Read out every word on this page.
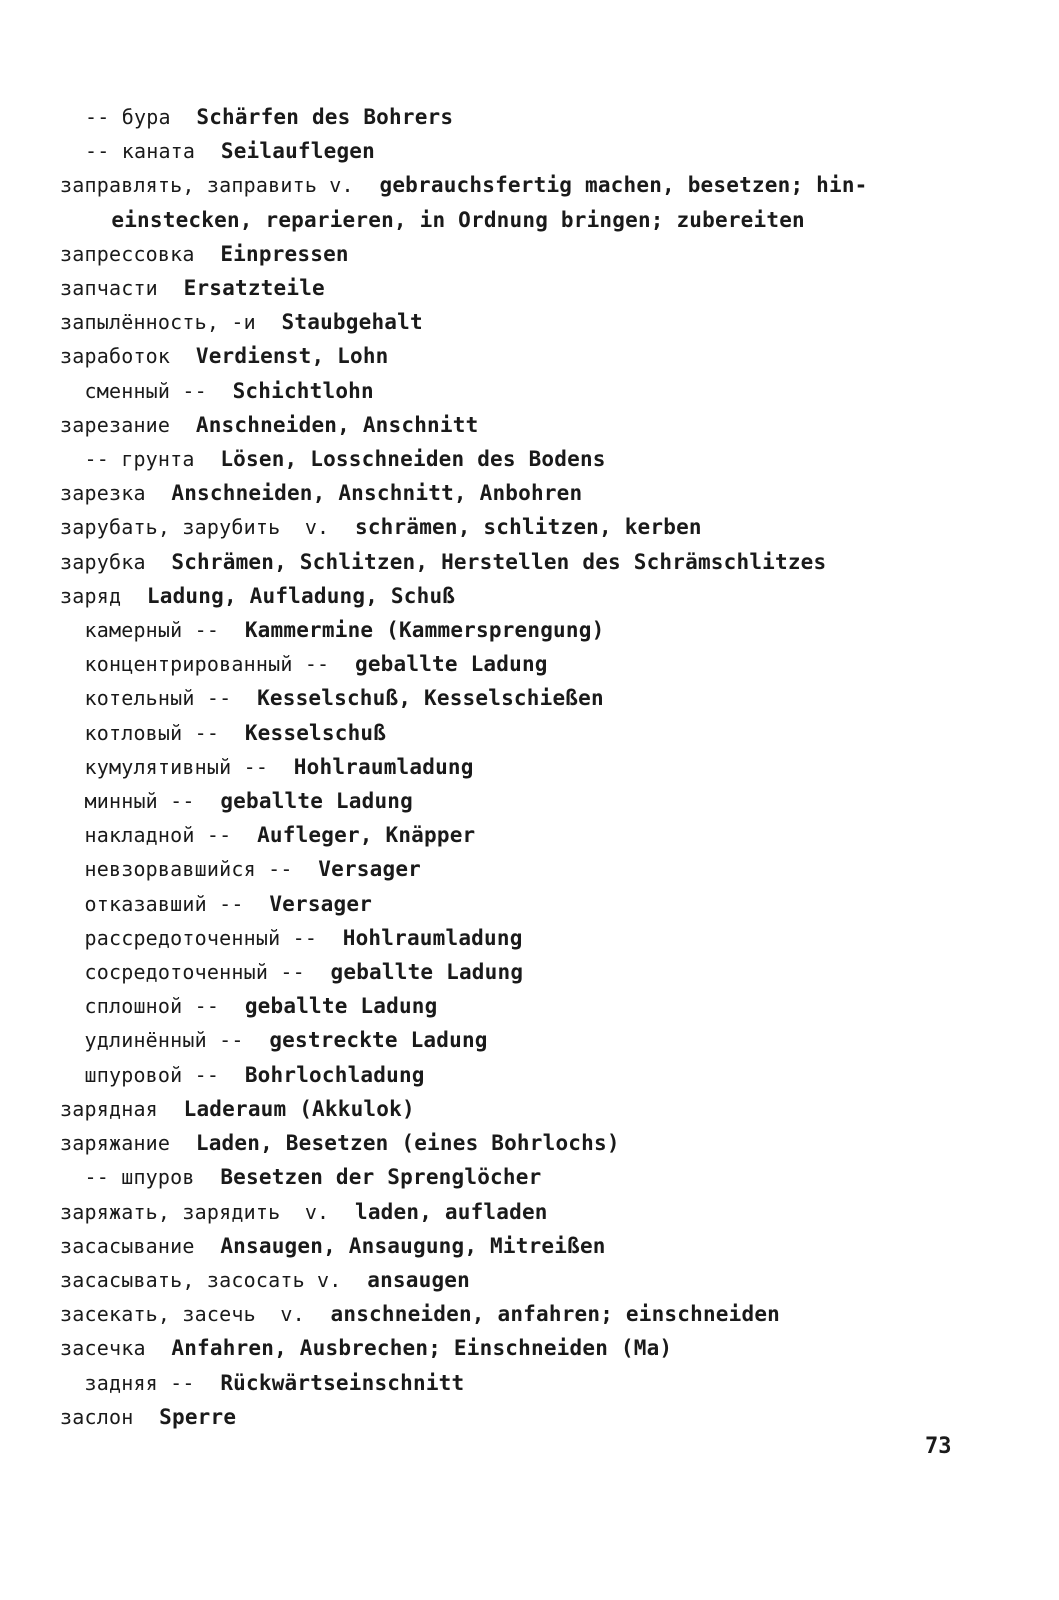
-- бура Schärfen des Bohrers
-- каната Seilauflegen
заправлять, заправить v. gebrauchsfertig machen, besetzen; hin-
einstecken, reparieren, in Ordnung bringen; zubereiten
запрессовка Einpressen
запчасти Ersatzteile
запылённость, -и Staubgehalt
заработок Verdienst, Lohn
сменный -- Schichtlohn
зарезание Anschneiden, Anschnitt
-- грунта Lösen, Losschneiden des Bodens
зарезка Anschneiden, Anschnitt, Anbohren
зарубать, зарубить  v. schrämen, schlitzen, kerben
зарубка Schrämen, Schlitzen, Herstellen des Schrämschlitzes
заряд Ladung, Aufladung, Schuß
камерный -- Kammermine (Kammersprengung)
концентрированный -- geballte Ladung
котельный -- Kesselschuß, Kesselschießen
котловый -- Kesselschuß
кумулятивный -- Hohlraumladung
минный -- geballte Ladung
накладной -- Aufleger, Knäpper
невзорвавшийся -- Versager
отказавший -- Versager
рассредоточенный -- Hohlraumladung
сосредоточенный -- geballte Ladung
сплошной -- geballte Ladung
удлинённый -- gestreckte Ladung
шпуровой -- Bohrlochladung
зарядная Laderaum (Akkulok)
заряжание Laden, Besetzen (eines Bohrlochs)
-- шпуров Besetzen der Sprenglöcher
заряжать, зарядить  v. laden, aufladen
засасывание Ansaugen, Ansaugung, Mitreißen
засасывать, засосать v. ansaugen
засекать, засечь  v. anschneiden, anfahren; einschneiden
засечка Anfahren, Ausbrechen; Einschneiden (Ma)
задняя -- Rückwärtseinschnitt
заслон Sperre
73
